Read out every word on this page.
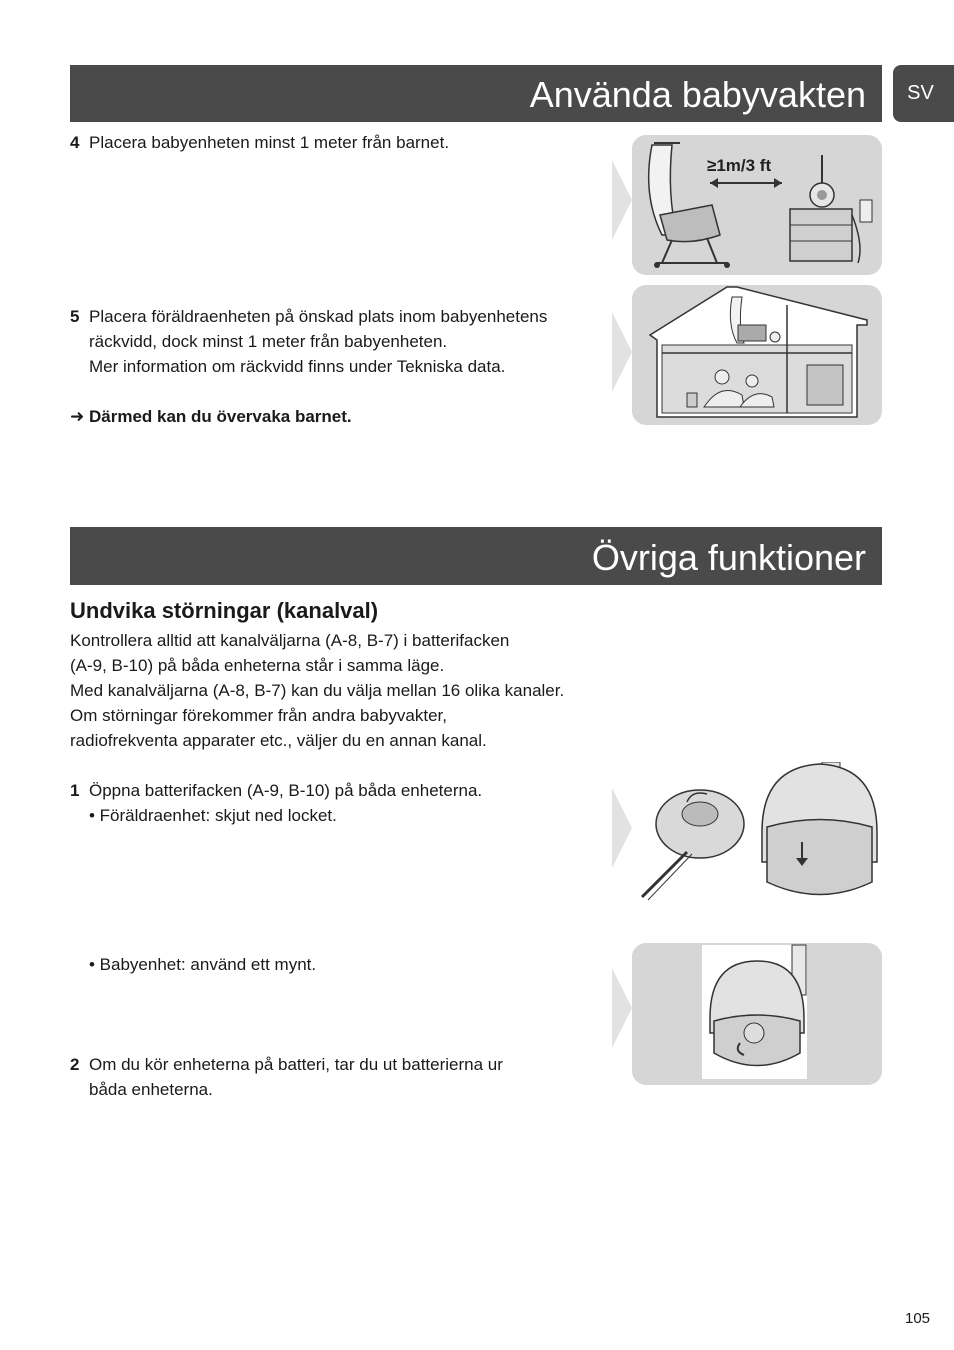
Använda babyvakten	SV

4 Placera babyenheten minst 1 meter från barnet.

≥1m/3 ft

5 Placera föräldraenheten på önskad plats inom babyenhetens
räckvidd, dock minst 1 meter från babyenheten.
Mer information om räckvidd finns under Tekniska data.

➜ Därmed kan du övervaka barnet.

Övriga funktioner
Undvika störningar (kanalval)

Kontrollera alltid att kanalväljarna (A-8, B-7) i batterifacken
(A-9, B-10) på båda enheterna står i samma läge.
Med kanalväljarna (A-8, B-7) kan du välja mellan 16 olika kanaler.
Om störningar förekommer från andra babyvakter,
radiofrekventa apparater etc., väljer du en annan kanal.

1 Öppna batterifacken (A-9, B-10) på båda enheterna.
• Föräldraenhet: skjut ned locket.

• Babyenhet: använd ett mynt.

2 Om du kör enheterna på batteri, tar du ut batterierna ur
båda enheterna.

105
